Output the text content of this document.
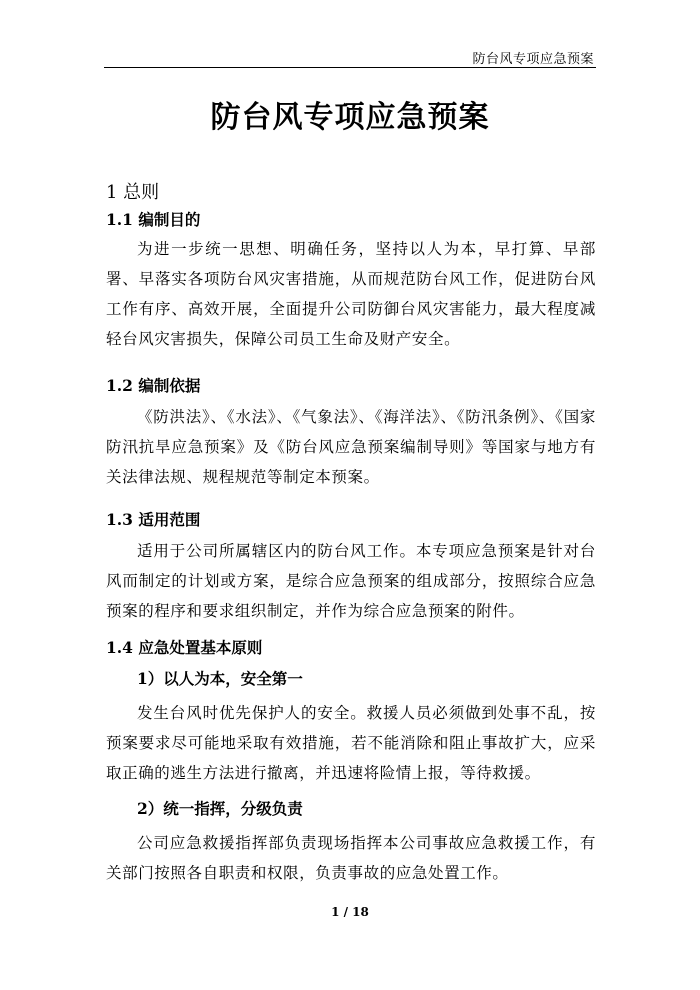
防台风专项应急预案
防台风专项应急预案
1 总则
1.1 编制目的
为进一步统一思想、明确任务，坚持以人为本，早打算、早部署、早落实各项防台风灾害措施，从而规范防台风工作，促进防台风工作有序、高效开展，全面提升公司防御台风灾害能力，最大程度减轻台风灾害损失，保障公司员工生命及财产安全。
1.2 编制依据
《防洪法》、《水法》、《气象法》、《海洋法》、《防汛条例》、《国家防汛抗旱应急预案》及《防台风应急预案编制导则》等国家与地方有关法律法规、规程规范等制定本预案。
1.3 适用范围
适用于公司所属辖区内的防台风工作。本专项应急预案是针对台风而制定的计划或方案，是综合应急预案的组成部分，按照综合应急预案的程序和要求组织制定，并作为综合应急预案的附件。
1.4 应急处置基本原则
1）以人为本，安全第一
发生台风时优先保护人的安全。救援人员必须做到处事不乱，按预案要求尽可能地采取有效措施，若不能消除和阻止事故扩大，应采取正确的逃生方法进行撤离，并迅速将险情上报，等待救援。
2）统一指挥，分级负责
公司应急救援指挥部负责现场指挥本公司事故应急救援工作，有关部门按照各自职责和权限，负责事故的应急处置工作。
1 / 18
